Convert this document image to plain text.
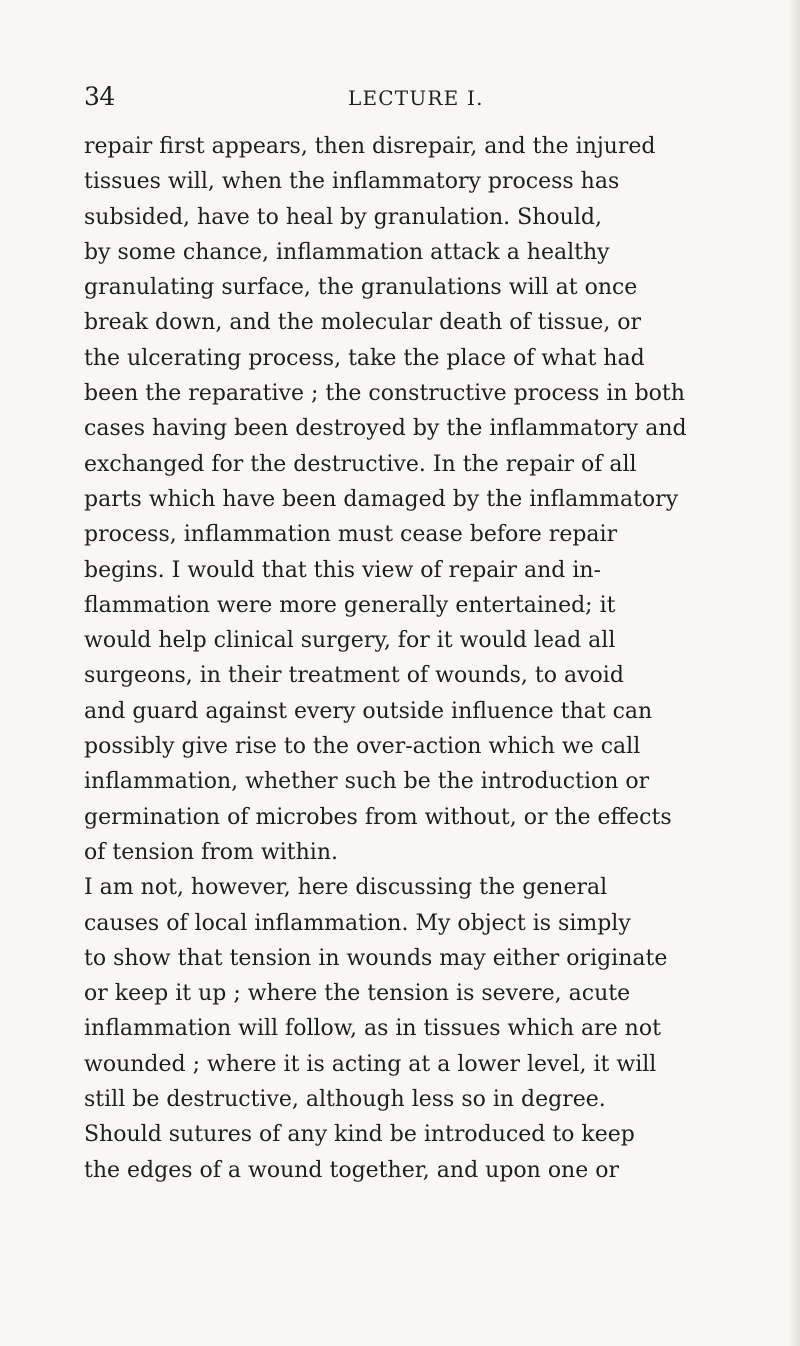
34	LECTURE I.
repair first appears, then disrepair, and the injured
tissues will, when the inflammatory process has
subsided, have to heal by granulation. Should,
by some chance, inflammation attack a healthy
granulating surface, the granulations will at once
break down, and the molecular death of tissue, or
the ulcerating process, take the place of what had
been the reparative ; the constructive process in both
cases having been destroyed by the inflammatory and
exchanged for the destructive. In the repair of all
parts which have been damaged by the inflammatory
process, inflammation must cease before repair
begins. I would that this view of repair and in-
flammation were more generally entertained; it
would help clinical surgery, for it would lead all
surgeons, in their treatment of wounds, to avoid
and guard against every outside influence that can
possibly give rise to the over-action which we call
inflammation, whether such be the introduction or
germination of microbes from without, or the effects
of tension from within.
I am not, however, here discussing the general
causes of local inflammation. My object is simply
to show that tension in wounds may either originate
or keep it up ; where the tension is severe, acute
inflammation will follow, as in tissues which are not
wounded ; where it is acting at a lower level, it will
still be destructive, although less so in degree.
Should sutures of any kind be introduced to keep
the edges of a wound together, and upon one or
